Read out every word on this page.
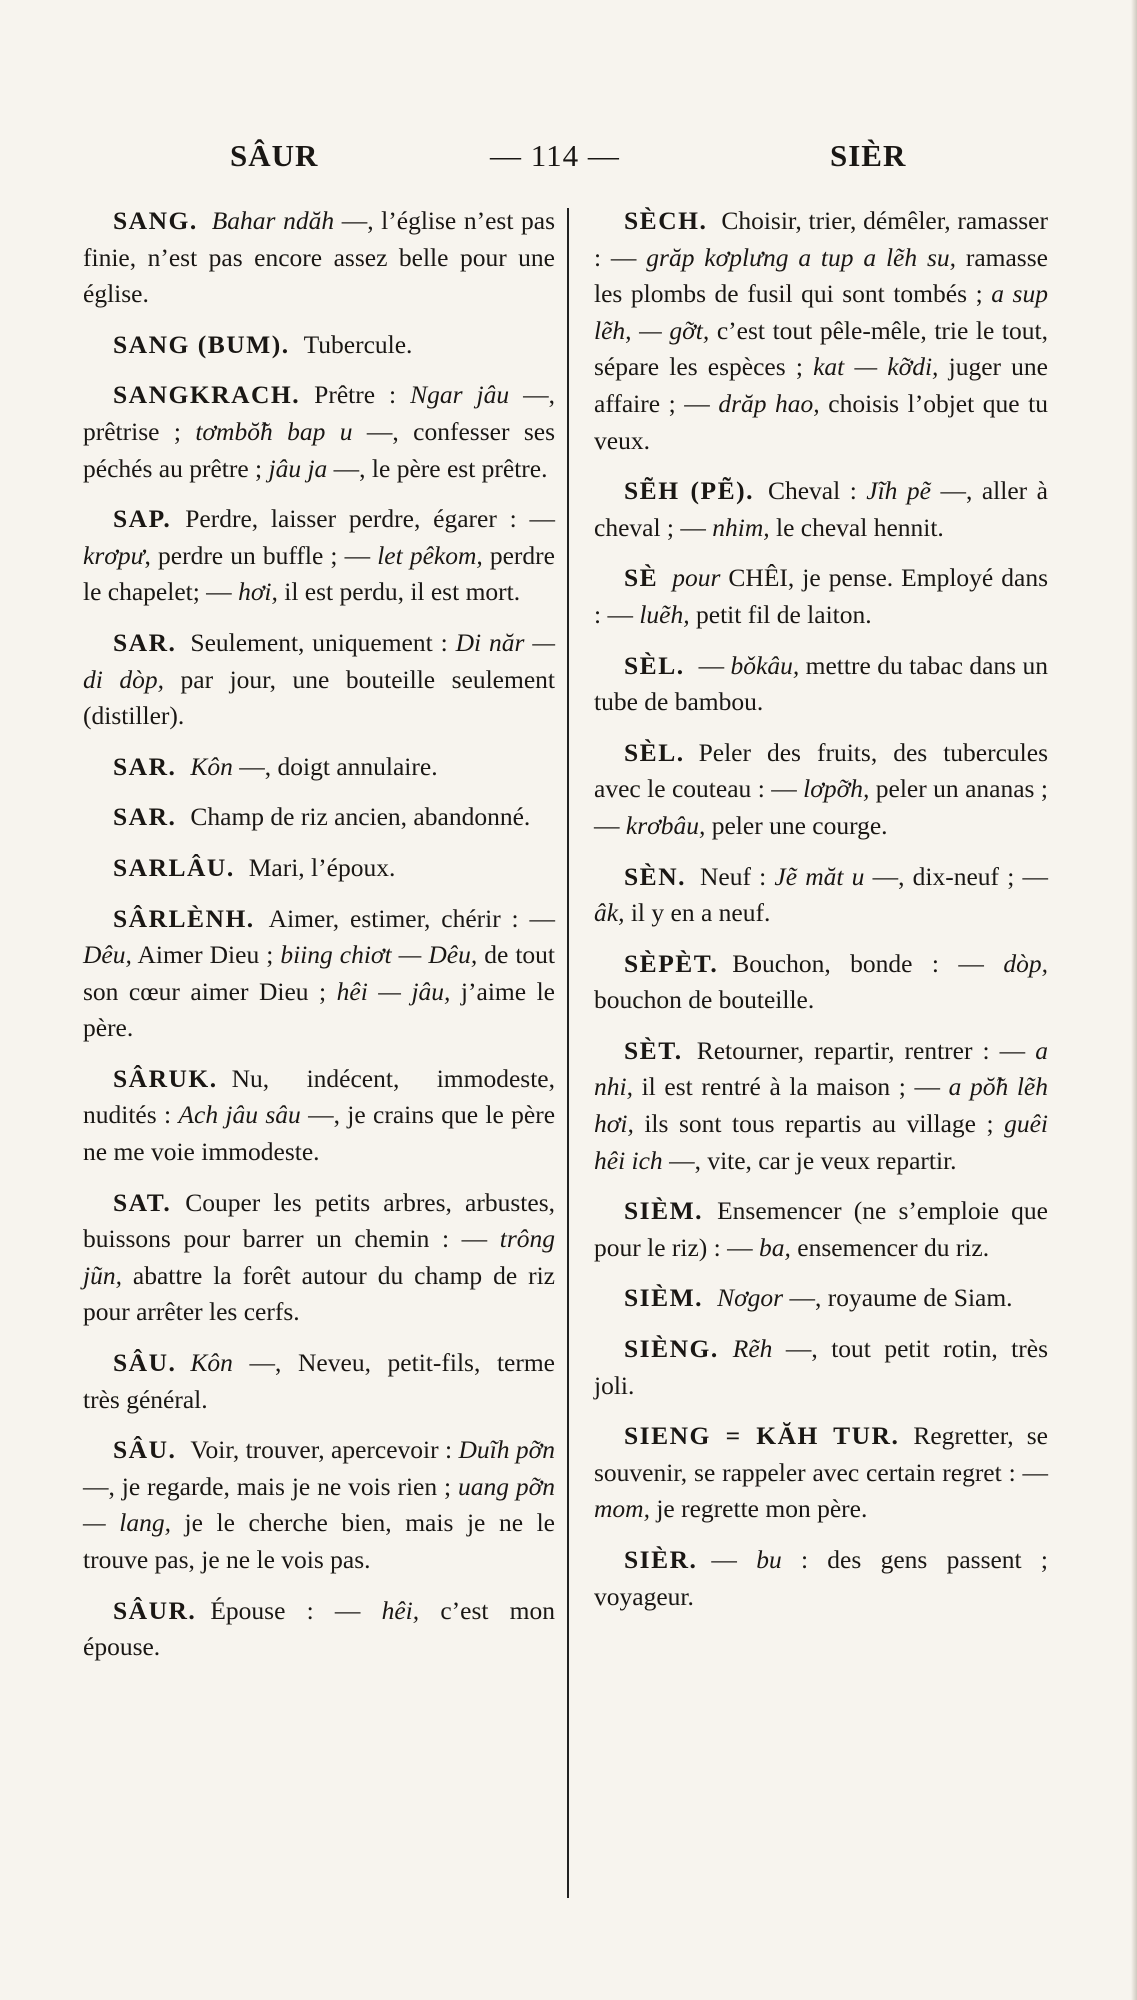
SÂUR	— 114 —	SIÈR

SANG. Bahar ndăh —, l’église n’est pas finie, n’est pas encore assez belle pour une église.

SANG (BUM). Tubercule.

SANGKRACH. Prêtre : Ngar jâu —, prêtrise ; tơmbŏ̃h bap u —, confesser ses péchés au prêtre ; jâu ja —, le père est prêtre.

SAP. Perdre, laisser perdre, égarer : — krơpư, perdre un buffle ; — let pêkom, perdre le chapelet; — hơi, il est perdu, il est mort.

SAR. Seulement, uniquement : Di năr — di dòp, par jour, une bouteille seulement (distiller).

SAR. Kôn —, doigt annulaire.

SAR. Champ de riz ancien, abandonné.

SARLÂU. Mari, l’époux.

SÂRLÈNH. Aimer, estimer, chérir : — Dêu, Aimer Dieu ; biing chiơt — Dêu, de tout son cœur aimer Dieu ; hêi — jâu, j’aime le père.

SÂRUK. Nu, indécent, immodeste, nudités : Ach jâu sâu —, je crains que le père ne me voie immodeste.

SAT. Couper les petits arbres, arbustes, buissons pour barrer un chemin : — trông jũn, abattre la forêt autour du champ de riz pour arrêter les cerfs.

SÂU. Kôn —, Neveu, petit-fils, terme très général.

SÂU. Voir, trouver, apercevoir : Duĩh pỡn —, je regarde, mais je ne vois rien ; uang pỡn — lang, je le cherche bien, mais je ne le trouve pas, je ne le vois pas.

SÂUR. Épouse : — hêi, c’est mon épouse.

SÈCH. Choisir, trier, démêler, ramasser : — grăp kơplưng a tup a lẽh su, ramasse les plombs de fusil qui sont tombés ; a sup lẽh, — gỡt, c’est tout pêle-mêle, trie le tout, sépare les espèces ; kat — kỡdi, juger une affaire ; — drăp hao, choisis l’objet que tu veux.

SẼH (PẼ). Cheval : Jĩh pẽ —, aller à cheval ; — nhim, le cheval hennit.

SÈ pour CHÊI, je pense. Employé dans : — luẽh, petit fil de laiton.

SÈL. — bǒkâu, mettre du tabac dans un tube de bambou.

SÈL. Peler des fruits, des tubercules avec le couteau : — lơpỡh, peler un ananas ; — krơbâu, peler une courge.

SÈN. Neuf : Jẽ măt u —, dix-neuf ; — âk, il y en a neuf.

SÈPÈT. Bouchon, bonde : — dòp, bouchon de bouteille.

SÈT. Retourner, repartir, rentrer : — a nhi, il est rentré à la maison ; — a pŏ̃h lẽh hơi, ils sont tous repartis au village ; guêi hêi ich —, vite, car je veux repartir.

SIÈM. Ensemencer (ne s’emploie que pour le riz) : — ba, ensemencer du riz.

SIÈM. Nơgor —, royaume de Siam.

SIÈNG. Rẽh —, tout petit rotin, très joli.

SIENG = KĂH TUR. Regretter, se souvenir, se rappeler avec certain regret : — mom, je regrette mon père.

SIÈR. — bu : des gens passent ; voyageur.
